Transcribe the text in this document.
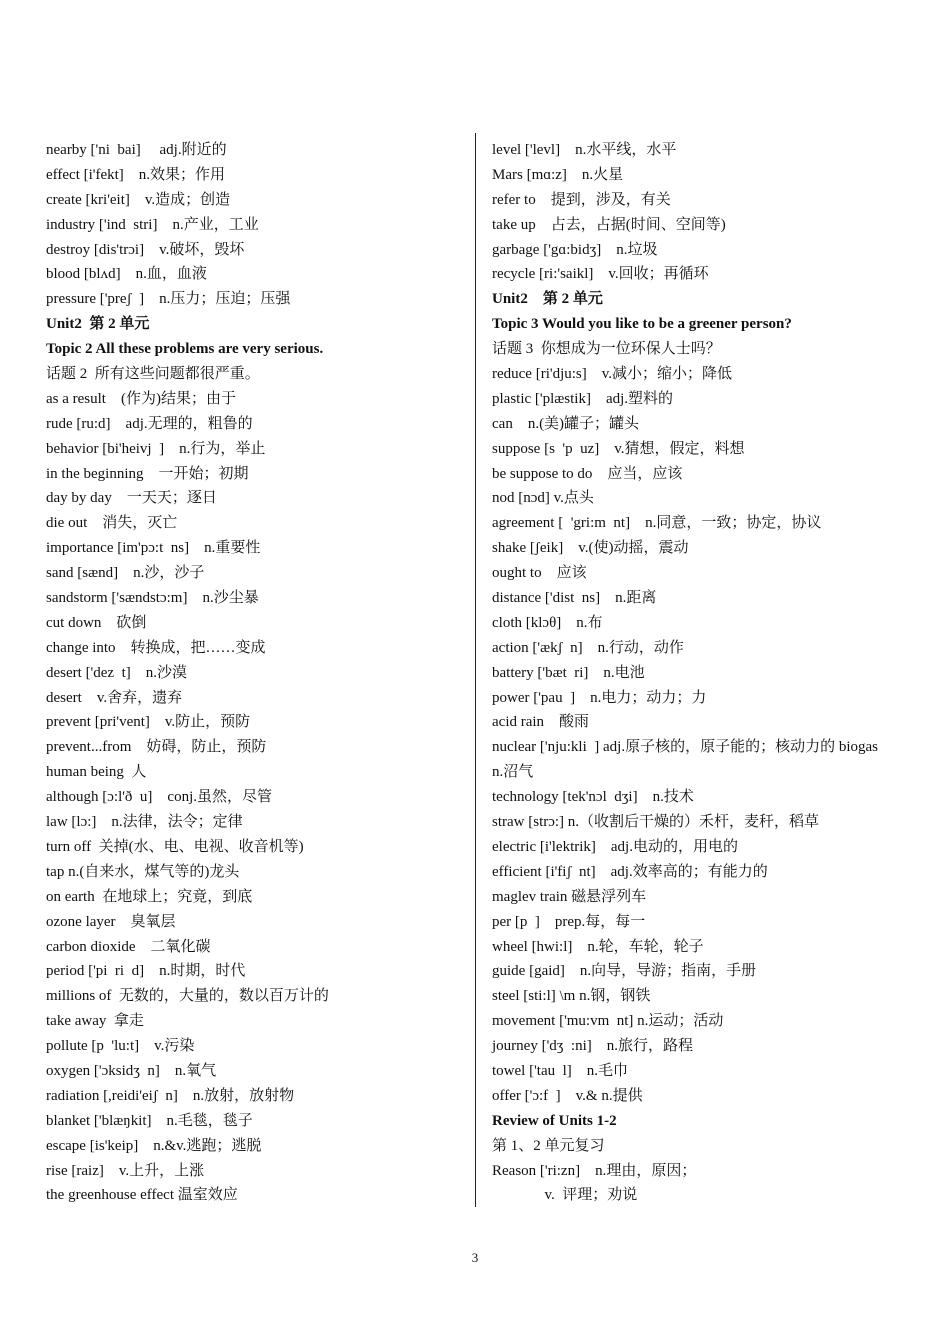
nearby ['ni  bai]     adj.附近的
effect [i'fekt]    n.效果；作用
create [kri'eit]    v.造成；创造
industry ['ind  stri]    n.产业，工业
destroy [dis'trɔi]    v.破坏，毁坏
blood [blʌd]    n.血，血液
pressure ['preʃ  ]    n.压力；压迫；压强
Unit2  第 2 单元
Topic 2 All these problems are very serious.
话题 2  所有这些问题都很严重。
as a result    (作为)结果；由于
rude [ru:d]    adj.无理的，粗鲁的
behavior [bi'heivj  ]    n.行为，举止
in the beginning    一开始；初期
day by day    一天天；逐日
die out    消失，灭亡
importance [im'pɔ:t  ns]    n.重要性
sand [sænd]    n.沙，沙子
sandstorm ['sændstɔ:m]    n.沙尘暴
cut down    砍倒
change into    转换成，把……变成
desert ['dez  t]    n.沙漠
desert    v.舍弃，遗弃
prevent [pri'vent]    v.防止，预防
prevent...from    妨碍，防止，预防
human being  人
although [ɔ:l'ð  u]    conj.虽然，尽管
law [lɔ:]    n.法律，法令；定律
turn off  关掉(水、电、电视、收音机等)
tap n.(自来水，煤气等的)龙头
on earth  在地球上；究竟，到底
ozone layer    臭氧层
carbon dioxide    二氧化碳
period ['pi  ri  d]    n.时期，时代
millions of  无数的，大量的，数以百万计的
take away  拿走
pollute [p  'lu:t]    v.污染
oxygen ['ɔksidʒ  n]    n.氧气
radiation [,reidi'eiʃ  n]    n.放射，放射物
blanket ['blæŋkit]    n.毛毯，毯子
escape [is'keip]    n.&v.逃跑；逃脱
rise [raiz]    v.上升，上涨
the greenhouse effect 温室效应
level ['levl]    n.水平线，水平
Mars [mɑ:z]    n.火星
refer to    提到，涉及，有关
take up    占去，占据(时间、空间等)
garbage ['gɑ:bidʒ]    n.垃圾
recycle [ri:'saikl]    v.回收；再循环
Unit2    第 2 单元
Topic 3 Would you like to be a greener person?
话题 3  你想成为一位环保人士吗？
reduce [ri'dju:s]    v.减小；缩小；降低
plastic ['plæstik]    adj.塑料的
can    n.(美)罐子；罐头
suppose [s  'p  uz]    v.猜想，假定，料想
be suppose to do    应当，应该
nod [nɔd] v.点头
agreement [  'gri:m  nt]    n.同意，一致；协定，协议
shake [ʃeik]    v.(使)动摇，震动
ought to    应该
distance ['dist  ns]    n.距离
cloth [klɔθ]    n.布
action ['ækʃ  n]    n.行动，动作
battery ['bæt  ri]    n.电池
power ['pau  ]    n.电力；动力；力
acid rain    酸雨
nuclear ['nju:kli  ] adj.原子核的，原子能的；核动力的 biogas
n.沼气
technology [tek'nɔl  dʒi]    n.技术
straw [strɔ:] n.（收割后干燥的）禾杆，麦秆，稻草
electric [i'lektrik]    adj.电动的，用电的
efficient [i'fiʃ  nt]    adj.效率高的；有能力的
maglev train 磁悬浮列车
per [p  ]    prep.每，每一
wheel [hwi:l]    n.轮，车轮，轮子
guide [gaid]    n.向导，导游；指南，手册
steel [sti:l] \m n.钢，钢铁
movement ['mu:vm  nt] n.运动；活动
journey ['dʒ  :ni]    n.旅行，路程
towel ['tau  l]    n.毛巾
offer ['ɔ:f  ]    v.& n.提供
Review of Units 1-2
第 1、2 单元复习
Reason ['ri:zn]    n.理由，原因；
v.  评理；劝说
3
